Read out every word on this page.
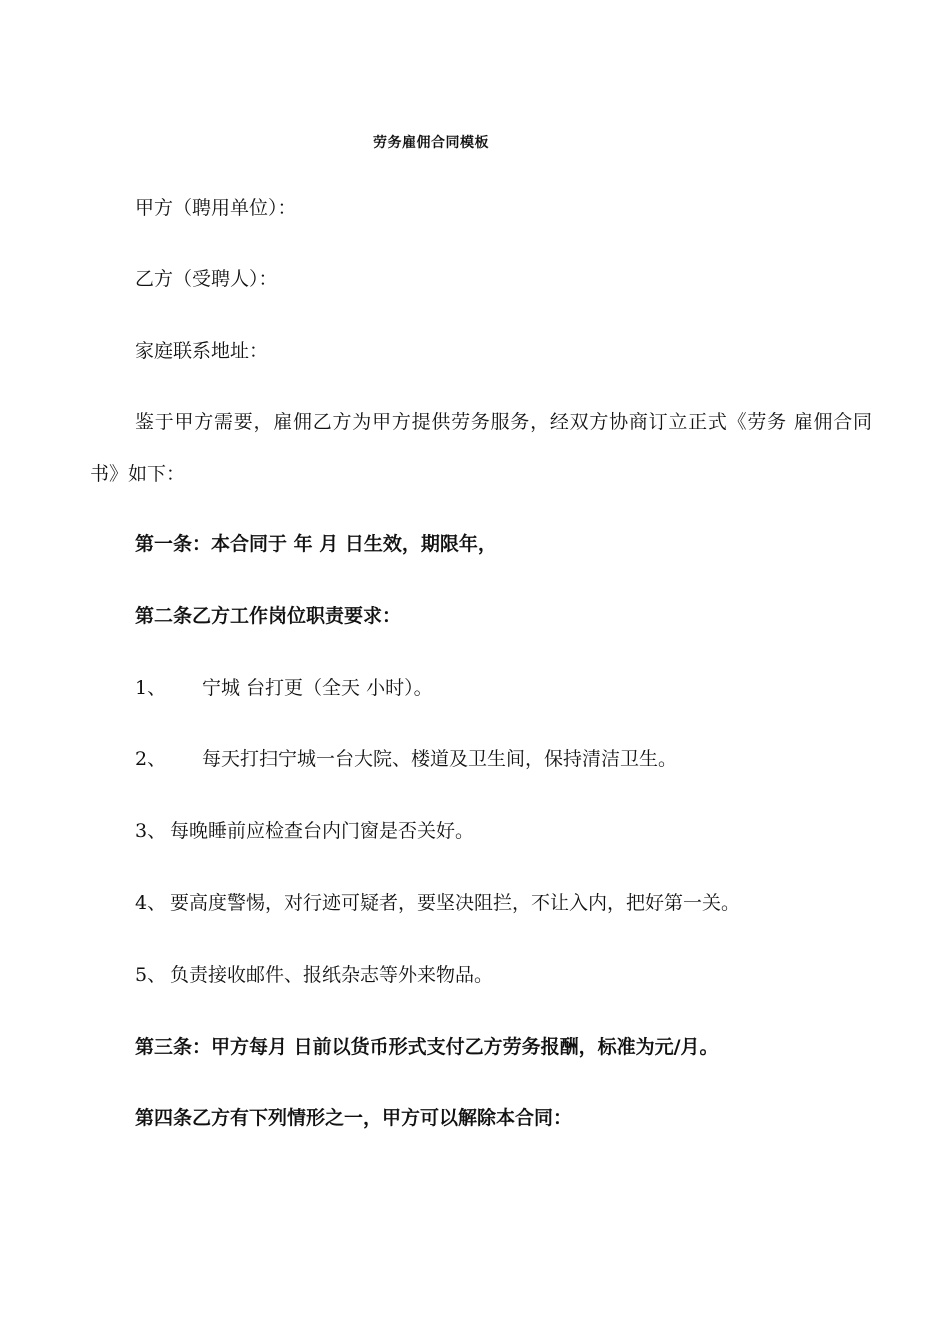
劳务雇佣合同模板
甲方（聘用单位）：
乙方（受聘人）：
家庭联系地址：
鉴于甲方需要，雇佣乙方为甲方提供劳务服务，经双方协商订立正式《劳务 雇佣合同书》如下：
第一条：本合同于 年 月 日生效，期限年，
第二条乙方工作岗位职责要求：
1、 宁城 台打更（全天 小时）。
2、 每天打扫宁城一台大院、楼道及卫生间，保持清洁卫生。
3、 每晚睡前应检查台内门窗是否关好。
4、 要高度警惕，对行迹可疑者，要坚决阻拦，不让入内，把好第一关。
5、 负责接收邮件、报纸杂志等外来物品。
第三条：甲方每月 日前以货币形式支付乙方劳务报酬，标准为元/月。
第四条乙方有下列情形之一，甲方可以解除本合同：
